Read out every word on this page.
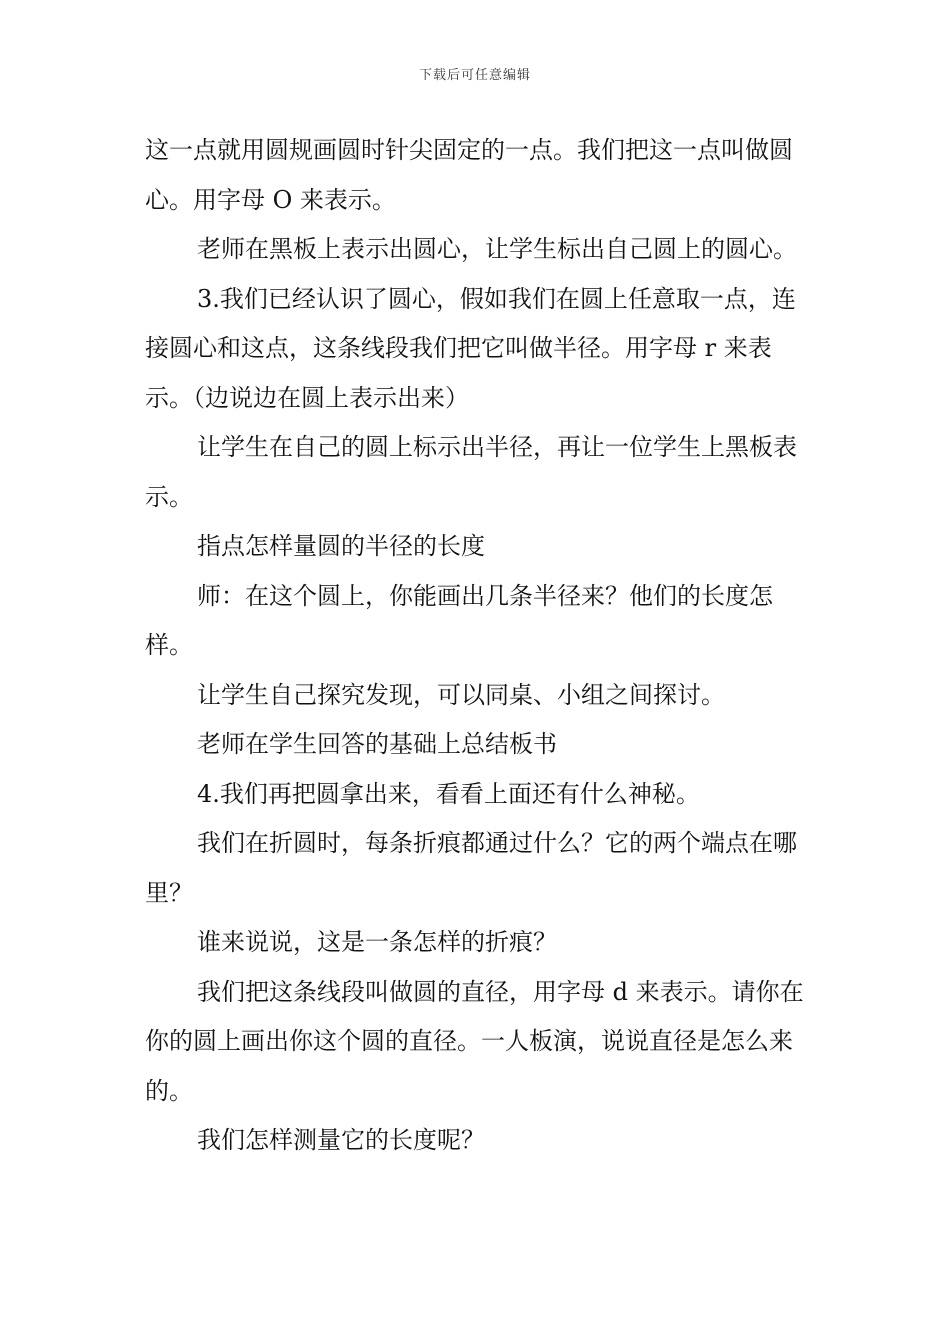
下载后可任意编辑

这一点就用圆规画圆时针尖固定的一点。我们把这一点叫做圆心。用字母 O 来表示。

老师在黑板上表示出圆心，让学生标出自己圆上的圆心。

3.我们已经认识了圆心，假如我们在圆上任意取一点，连接圆心和这点，这条线段我们把它叫做半径。用字母 r 来表示。（边说边在圆上表示出来）

让学生在自己的圆上标示出半径，再让一位学生上黑板表示。

指点怎样量圆的半径的长度

师：在这个圆上，你能画出几条半径来？他们的长度怎样。

让学生自己探究发现，可以同桌、小组之间探讨。

老师在学生回答的基础上总结板书

4.我们再把圆拿出来，看看上面还有什么神秘。

我们在折圆时，每条折痕都通过什么？它的两个端点在哪里？

谁来说说，这是一条怎样的折痕？

我们把这条线段叫做圆的直径，用字母 d 来表示。请你在你的圆上画出你这个圆的直径。一人板演，说说直径是怎么来的。

我们怎样测量它的长度呢？
